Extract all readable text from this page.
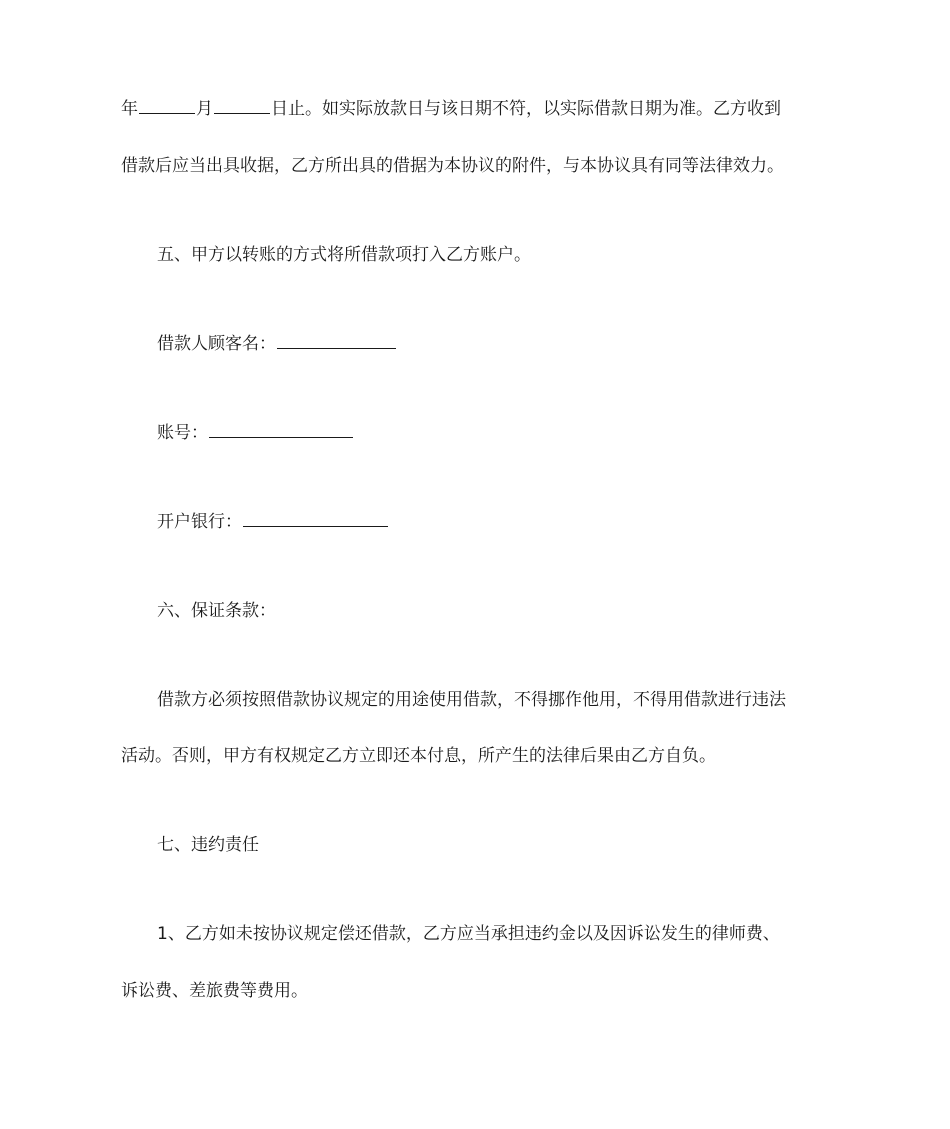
年	月	日止。如实际放款日与该日期不符，以实际借款日期为准。乙方收到
借款后应当出具收据，乙方所出具的借据为本协议的附件，与本协议具有同等法律效力。
五、甲方以转账的方式将所借款项打入乙方账户。
借款人顾客名：
账号：
开户银行：
六、保证条款：
借款方必须按照借款协议规定的用途使用借款，不得挪作他用，不得用借款进行违法
活动。否则，甲方有权规定乙方立即还本付息，所产生的法律后果由乙方自负。
七、违约责任
1、乙方如未按协议规定偿还借款，乙方应当承担违约金以及因诉讼发生的律师费、
诉讼费、差旅费等费用。
